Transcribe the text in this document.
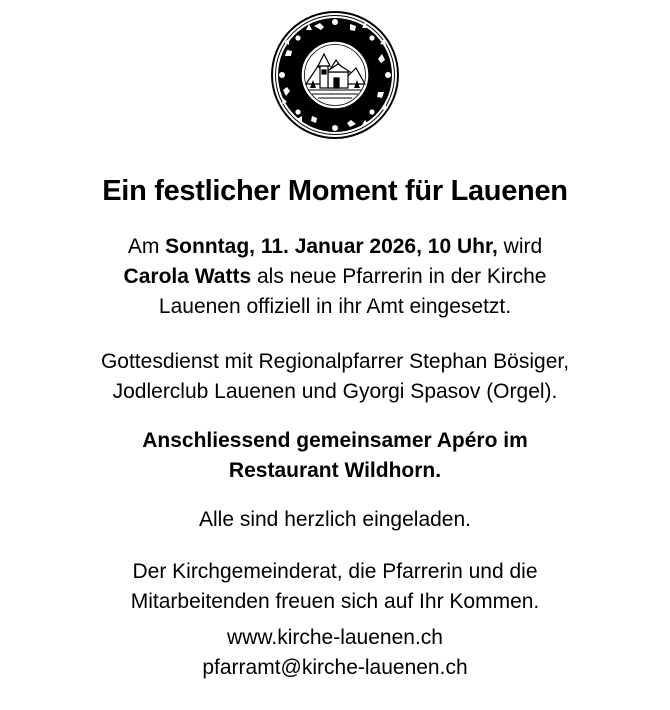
Ein festlicher Moment für Lauenen
Am Sonntag, 11. Januar 2026, 10 Uhr, wird
Carola Watts als neue Pfarrerin in der Kirche
Lauenen offiziell in ihr Amt eingesetzt.
Gottesdienst mit Regionalpfarrer Stephan Bösiger,
Jodlerclub Lauenen und Gyorgi Spasov (Orgel).
Anschliessend gemeinsamer Apéro im
Restaurant Wildhorn.
Alle sind herzlich eingeladen.
Der Kirchgemeinderat, die Pfarrerin und die
Mitarbeitenden freuen sich auf Ihr Kommen.
www.kirche-lauenen.ch
pfarramt@kirche-lauenen.ch
